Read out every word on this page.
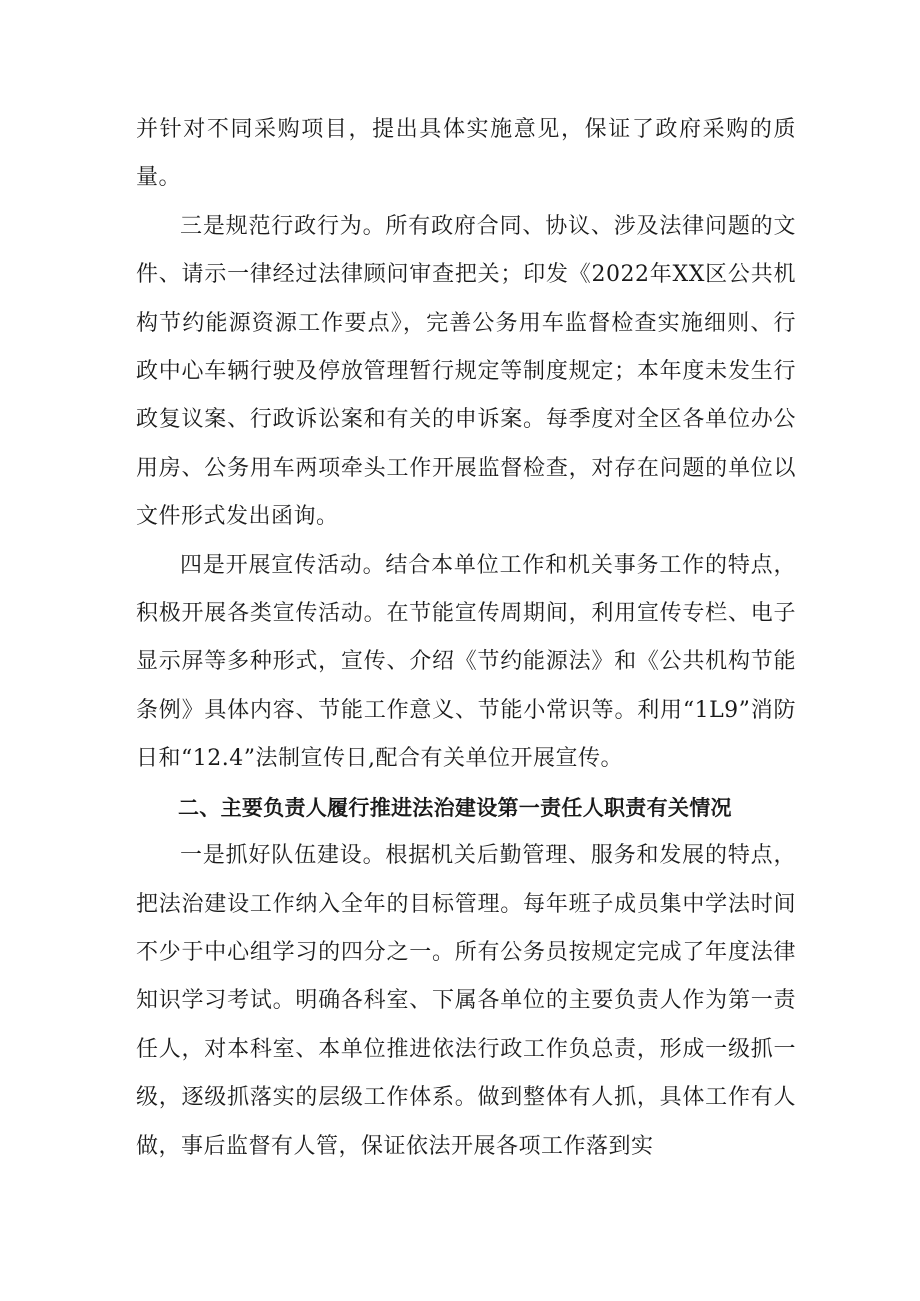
并针对不同采购项目，提出具体实施意见，保证了政府采购的质量。

三是规范行政行为。所有政府合同、协议、涉及法律问题的文件、请示一律经过法律顾问审查把关；印发《2022年XX区公共机构节约能源资源工作要点》，完善公务用车监督检查实施细则、行政中心车辆行驶及停放管理暂行规定等制度规定；本年度未发生行政复议案、行政诉讼案和有关的申诉案。每季度对全区各单位办公用房、公务用车两项牵头工作开展监督检查，对存在问题的单位以文件形式发出函询。

四是开展宣传活动。结合本单位工作和机关事务工作的特点，积极开展各类宣传活动。在节能宣传周期间，利用宣传专栏、电子显示屏等多种形式，宣传、介绍《节约能源法》和《公共机构节能条例》具体内容、节能工作意义、节能小常识等。利用“1L9”消防日和“12.4”法制宣传日,配合有关单位开展宣传。

二、主要负责人履行推进法治建设第一责任人职责有关情况

一是抓好队伍建设。根据机关后勤管理、服务和发展的特点，把法治建设工作纳入全年的目标管理。每年班子成员集中学法时间不少于中心组学习的四分之一。所有公务员按规定完成了年度法律知识学习考试。明确各科室、下属各单位的主要负责人作为第一责任人，对本科室、本单位推进依法行政工作负总责，形成一级抓一级，逐级抓落实的层级工作体系。做到整体有人抓，具体工作有人做，事后监督有人管，保证依法开展各项工作落到实
